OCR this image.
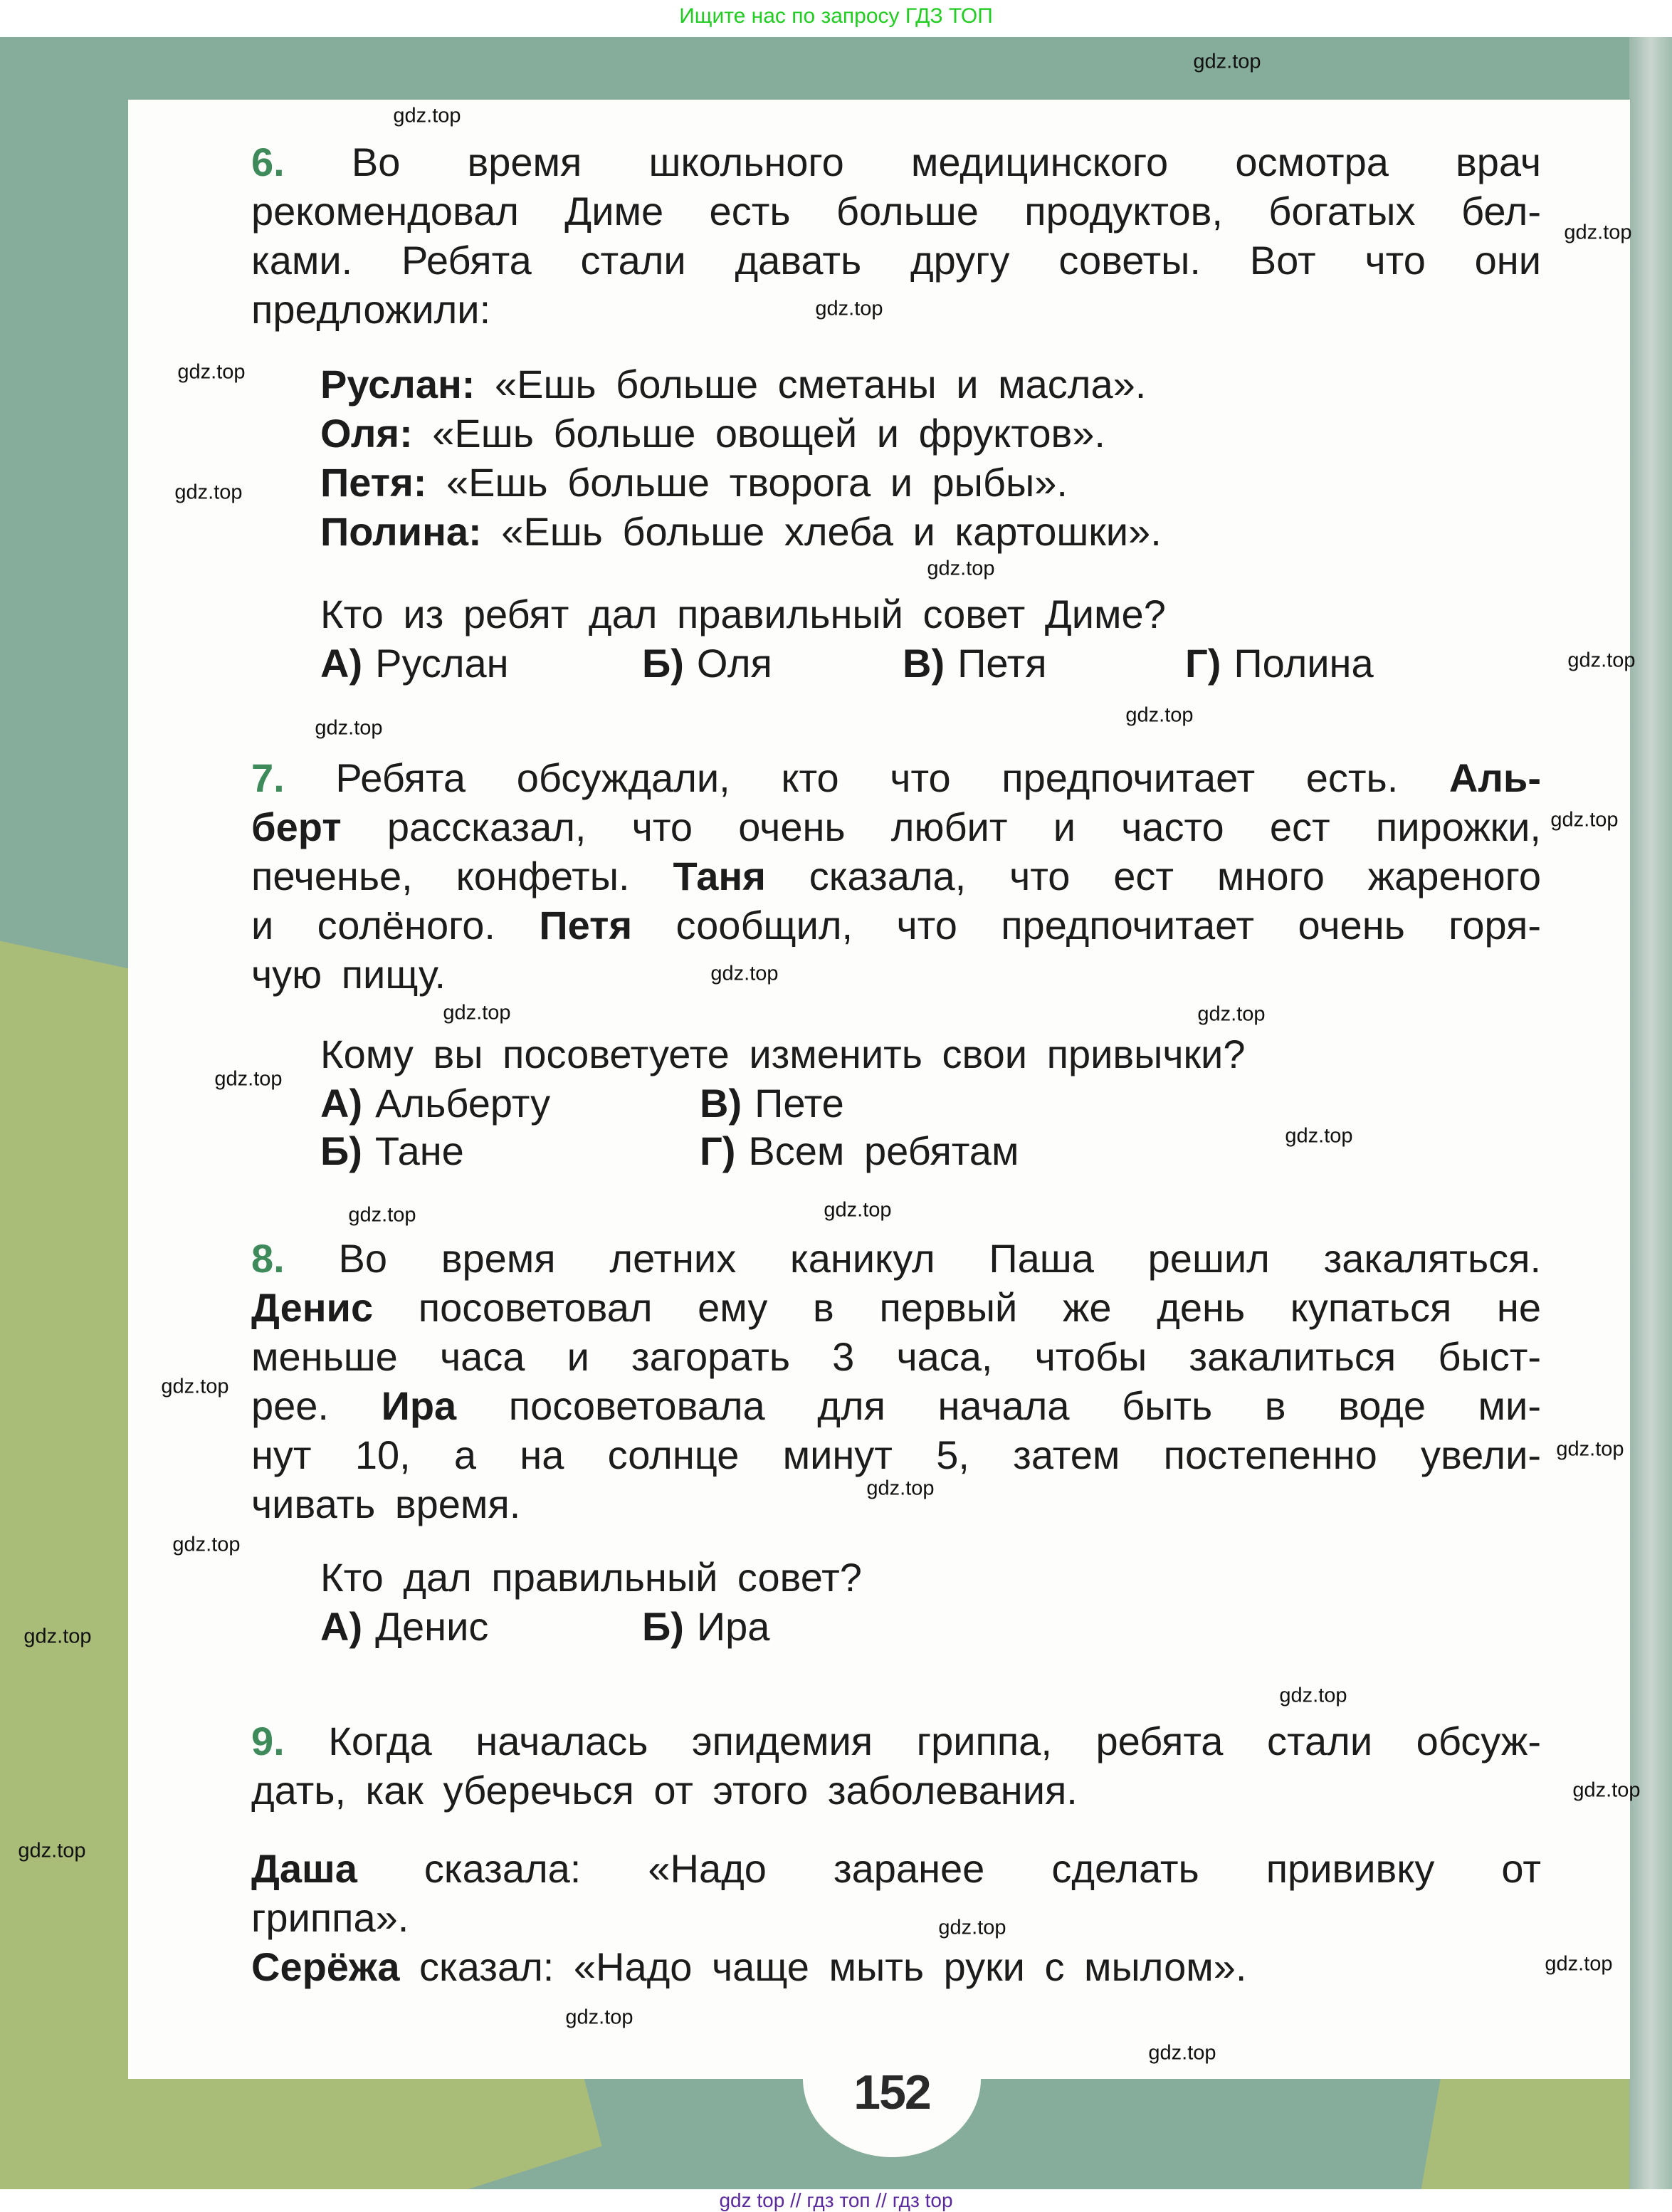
Ищите нас по запросу ГДЗ ТОП
152
gdz top // гдз топ // гдз top
6. Во время школьного медицинского осмотра врач
рекомендовал Диме есть больше продуктов, богатых бел-
ками. Ребята стали давать другу советы. Вот что они
предложили:
Руслан: «Ешь больше сметаны и масла».
Оля: «Ешь больше овощей и фруктов».
Петя: «Ешь больше творога и рыбы».
Полина: «Ешь больше хлеба и картошки».
Кто из ребят дал правильный совет Диме?
А) Руслан	Б) Оля	В) Петя	Г) Полина
7. Ребята обсуждали, кто что предпочитает есть. Аль-
берт рассказал, что очень любит и часто ест пирожки,
печенье, конфеты. Таня сказала, что ест много жареного
и солёного. Петя сообщил, что предпочитает очень горя-
чую пищу.
Кому вы посоветуете изменить свои привычки?
А) Альберту
Б) Тане
В) Пете
Г) Всем ребятам
8. Во время летних каникул Паша решил закаляться.
Денис посоветовал ему в первый же день купаться не
меньше часа и загорать 3 часа, чтобы закалиться быст-
рее. Ира посоветовала для начала быть в воде ми-
нут 10, а на солнце минут 5, затем постепенно увели-
чивать время.
Кто дал правильный совет?
А) Денис	Б) Ира
9. Когда началась эпидемия гриппа, ребята стали обсуж-
дать, как уберечься от этого заболевания.
Даша сказала: «Надо заранее сделать прививку от
гриппа».
Серёжа сказал: «Надо чаще мыть руки с мылом».
gdz.top
gdz.top
gdz.top
gdz.top
gdz.top
gdz.top
gdz.top
gdz.top
gdz.top
gdz.top
gdz.top
gdz.top
gdz.top
gdz.top
gdz.top
gdz.top
gdz.top
gdz.top
gdz.top
gdz.top
gdz.top
gdz.top
gdz.top
gdz.top
gdz.top
gdz.top
gdz.top
gdz.top
gdz.top
gdz.top
